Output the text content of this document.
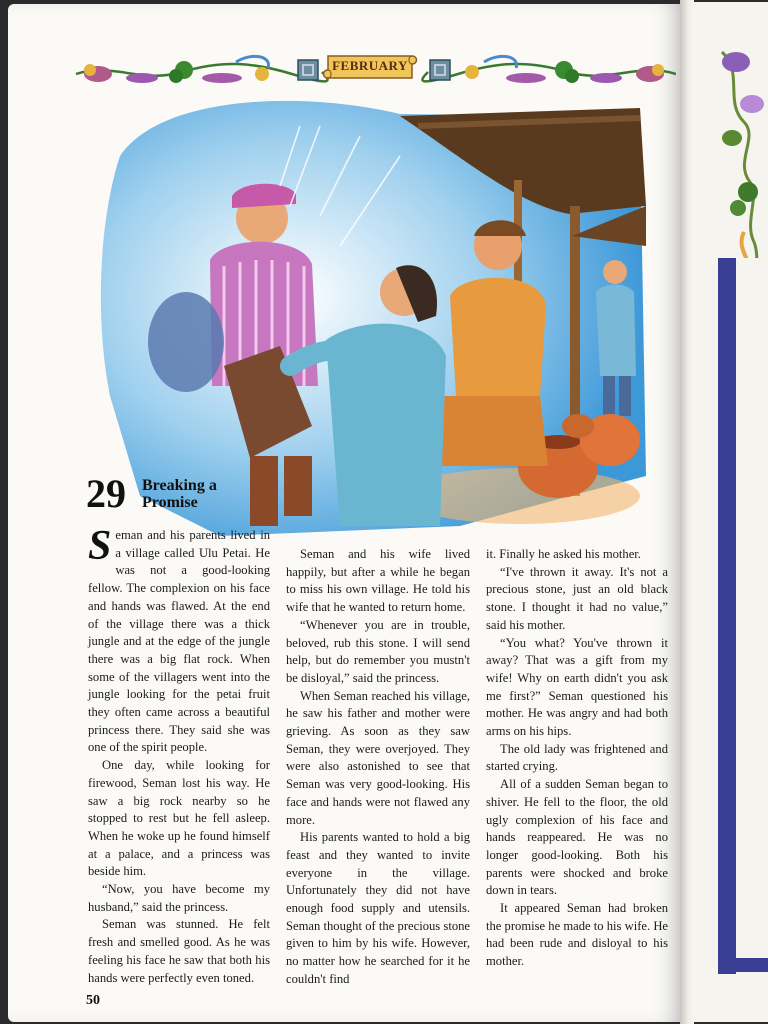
FEBRUARY
29 Breaking a Promise

Seman and his parents lived in a village called Ulu Petai. He was not a good-looking fellow. The complexion on his face and hands was flawed. At the end of the village there was a thick jungle and at the edge of the jungle there was a big flat rock. When some of the villagers went into the jungle looking for the petai fruit they often came across a beautiful princess there. They said she was one of the spirit people.

One day, while looking for firewood, Seman lost his way. He saw a big rock nearby so he stopped to rest but he fell asleep. When he woke up he found himself at a palace, and a princess was beside him.

“Now, you have become my husband,” said the princess.

Seman was stunned. He felt fresh and smelled good. As he was feeling his face he saw that both his hands were perfectly even toned.

Seman and his wife lived happily, but after a while he began to miss his own village. He told his wife that he wanted to return home.

“Whenever you are in trouble, beloved, rub this stone. I will send help, but do remember you mustn't be disloyal,” said the princess.

When Seman reached his village, he saw his father and mother were grieving. As soon as they saw Seman, they were overjoyed. They were also astonished to see that Seman was very good-looking. His face and hands were not flawed any more.

His parents wanted to hold a big feast and they wanted to invite everyone in the village. Unfortunately they did not have enough food supply and utensils. Seman thought of the precious stone given to him by his wife. However, no matter how he searched for it he couldn't find

it. Finally he asked his mother.

“I've thrown it away. It's not a precious stone, just an old black stone. I thought it had no value,” said his mother.

“You what? You've thrown it away? That was a gift from my wife! Why on earth didn't you ask me first?” Seman questioned his mother. He was angry and had both arms on his hips.

The old lady was frightened and started crying.

All of a sudden Seman began to shiver. He fell to the floor, the old ugly complexion of his face and hands reappeared. He was no longer good-looking. Both his parents were shocked and broke down in tears.

It appeared Seman had broken the promise he made to his wife. He had been rude and disloyal to his mother.

50
